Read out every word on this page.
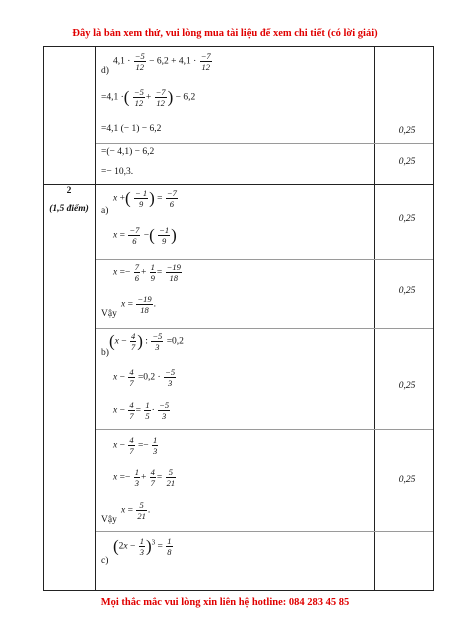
Đây là bản xem thử, vui lòng mua tài liệu để xem chi tiết (có lời giải)
2
(1,5 điểm)
d)
$4,1 \cdot \frac{-5}{12} - 6,2 + 4,1 \cdot \frac{-7}{12}$
=4,1 ·( $\frac{-5}{12} + \frac{-7}{12}$ ) − 6,2
=4,1 (− 1) − 6,2
=(− 4,1) − 6,2
=− 10,3.
a)
x +( $\frac{- 1}{9}$ ) = $\frac{-7}{6}$
$x = \frac{-7}{6}$ −( $\frac{-1}{9}$ )
$x =- \frac{7}{6} + \frac{1}{9} = \frac{-19}{18}$
Vậy
$x = \frac{-19}{18}$ .
b)
($x - \frac{4}{7}$ ) : $\frac{-5}{3} =0,2$
$x - \frac{4}{7} =0,2 \cdot \frac{-5}{3}$
$x - \frac{4}{7} = \frac{1}{5} \cdot \frac{-5}{3}$
$x - \frac{4}{7} =- \frac{1}{3}$
$x =- \frac{1}{3} + \frac{4}{7} = \frac{5}{21}$
Vậy
$x = \frac{5}{21}$ .
$(2x - \frac{1}{3} )^3 = \frac{1}{8}$
c)
0,25
0,25
0,25
0,25
0,25
0,25
Mọi thắc mắc vui lòng xin liên hệ hotline: 084 283 45 85
